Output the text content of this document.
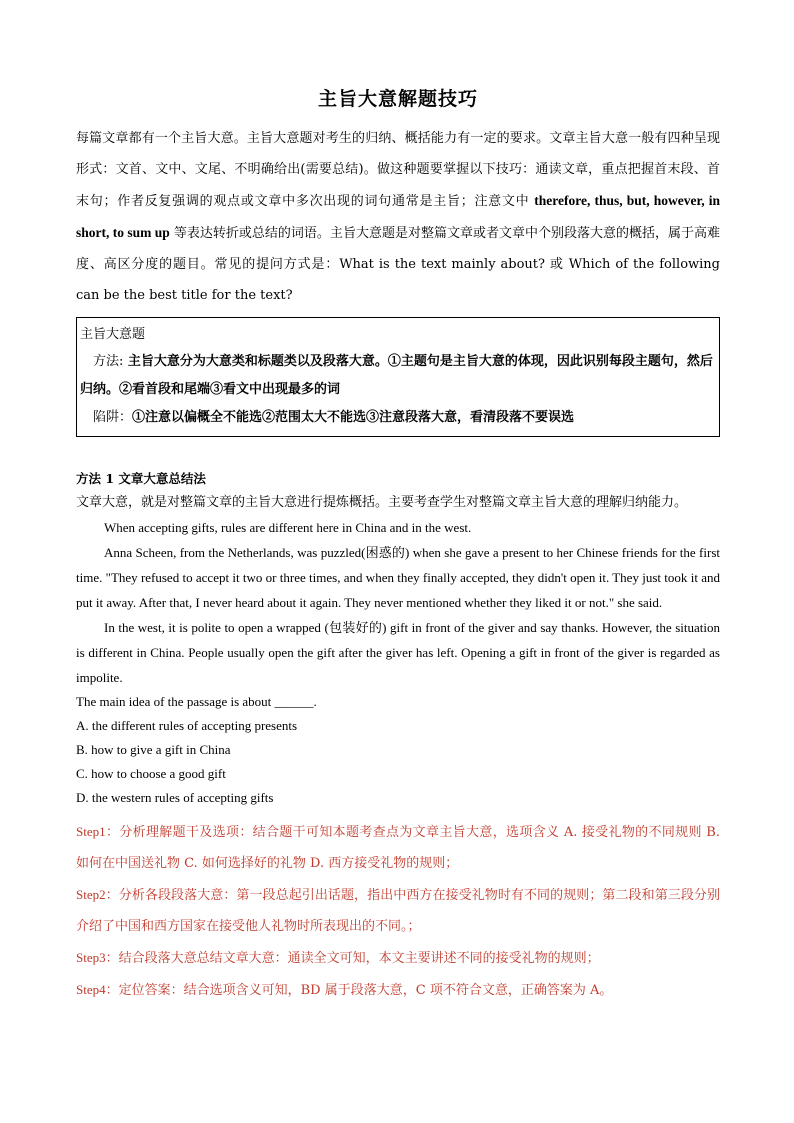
主旨大意解题技巧

每篇文章都有一个主旨大意。主旨大意题对考生的归纳、概括能力有一定的要求。文章主旨大意一般有四种呈现形式：文首、文中、文尾、不明确给出(需要总结)。做这种题要掌握以下技巧：通读文章，重点把握首末段、首末句；作者反复强调的观点或文章中多次出现的词句通常是主旨；注意文中 therefore, thus, but, however, in short, to sum up 等表达转折或总结的词语。主旨大意题是对整篇文章或者文章中个别段落大意的概括，属于高难度、高区分度的题目。常见的提问方式是：What is the text mainly about? 或 Which of the following can be the best title for the text?

主旨大意题
方法: 主旨大意分为大意类和标题类以及段落大意。①主题句是主旨大意的体现，因此识别每段主题句，然后归纳。②看首段和尾端③看文中出现最多的词
陷阱：①注意以偏概全不能选②范围太大不能选③注意段落大意，看清段落不要误选
方法 1 文章大意总结法
文章大意，就是对整篇文章的主旨大意进行提炼概括。主要考查学生对整篇文章主旨大意的理解归纳能力。

When accepting gifts, rules are different here in China and in the west.

Anna Scheen, from the Netherlands, was puzzled(困惑的) when she gave a present to her Chinese friends for the first time. "They refused to accept it two or three times, and when they finally accepted, they didn't open it. They just took it and put it away. After that, I never heard about it again. They never mentioned whether they liked it or not." she said.

In the west, it is polite to open a wrapped (包装好的) gift in front of the giver and say thanks. However, the situation is different in China. People usually open the gift after the giver has left. Opening a gift in front of the giver is regarded as impolite.

The main idea of the passage is about ______.

A. the different rules of accepting presents

B. how to give a gift in China

C. how to choose a good gift

D. the western rules of accepting gifts

Step1：分析理解题干及选项：结合题干可知本题考查点为文章主旨大意，选项含义 A. 接受礼物的不同规则 B. 如何在中国送礼物 C. 如何选择好的礼物 D. 西方接受礼物的规则；

Step2：分析各段段落大意：第一段总起引出话题，指出中西方在接受礼物时有不同的规则；第二段和第三段分别介绍了中国和西方国家在接受他人礼物时所表现出的不同。；

Step3：结合段落大意总结文章大意：通读全文可知，本文主要讲述不同的接受礼物的规则；

Step4：定位答案：结合选项含义可知，BD 属于段落大意，C 项不符合文意，正确答案为 A。
